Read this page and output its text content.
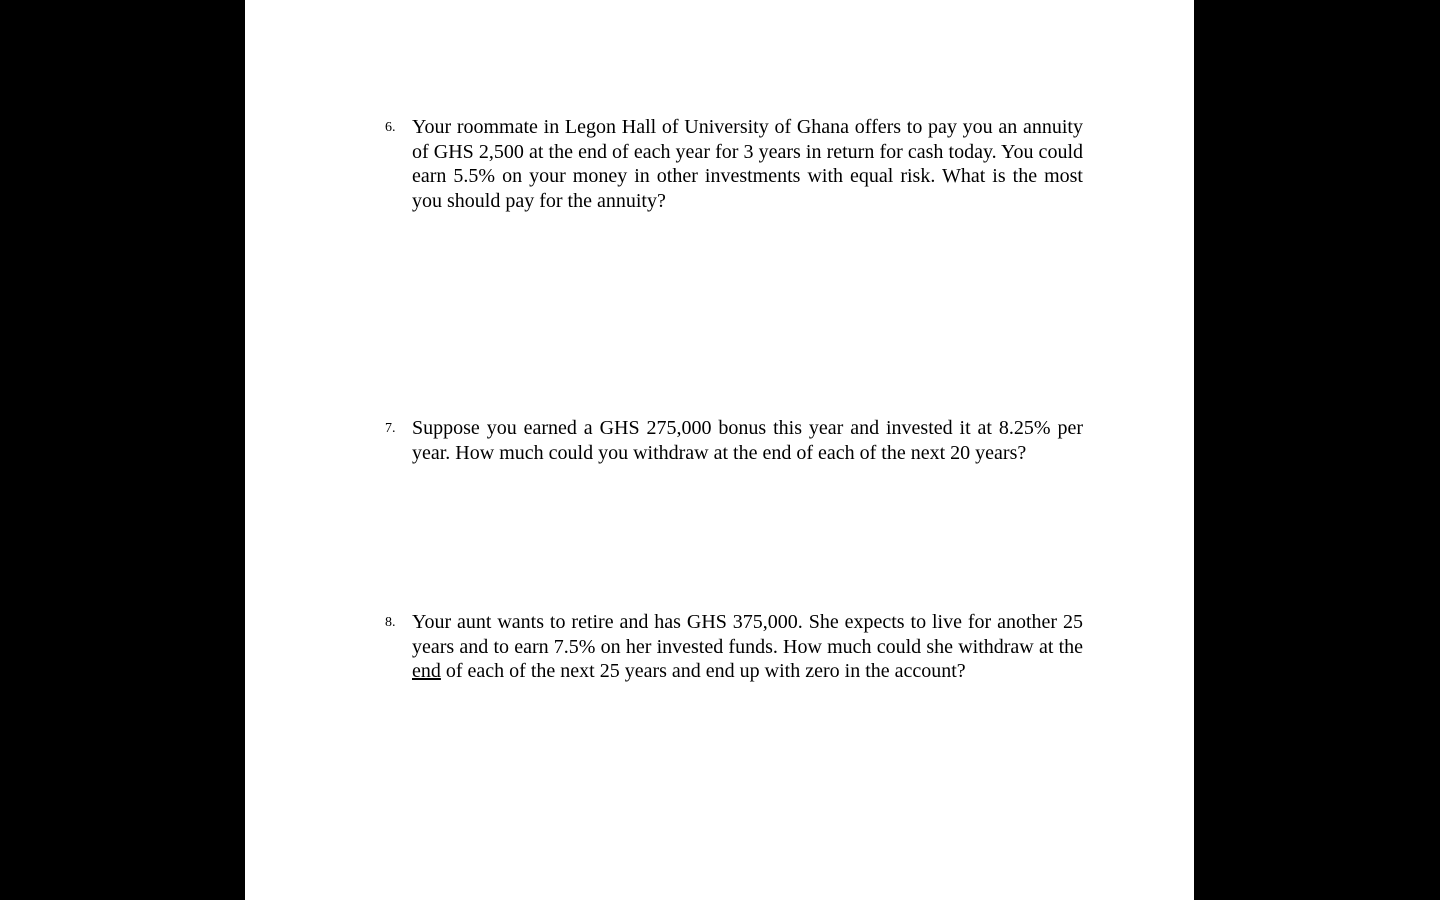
6. Your roommate in Legon Hall of University of Ghana offers to pay you an annuity of GHS 2,500 at the end of each year for 3 years in return for cash today. You could earn 5.5% on your money in other investments with equal risk. What is the most you should pay for the annuity?
7. Suppose you earned a GHS 275,000 bonus this year and invested it at 8.25% per year. How much could you withdraw at the end of each of the next 20 years?
8. Your aunt wants to retire and has GHS 375,000. She expects to live for another 25 years and to earn 7.5% on her invested funds. How much could she withdraw at the end of each of the next 25 years and end up with zero in the account?
